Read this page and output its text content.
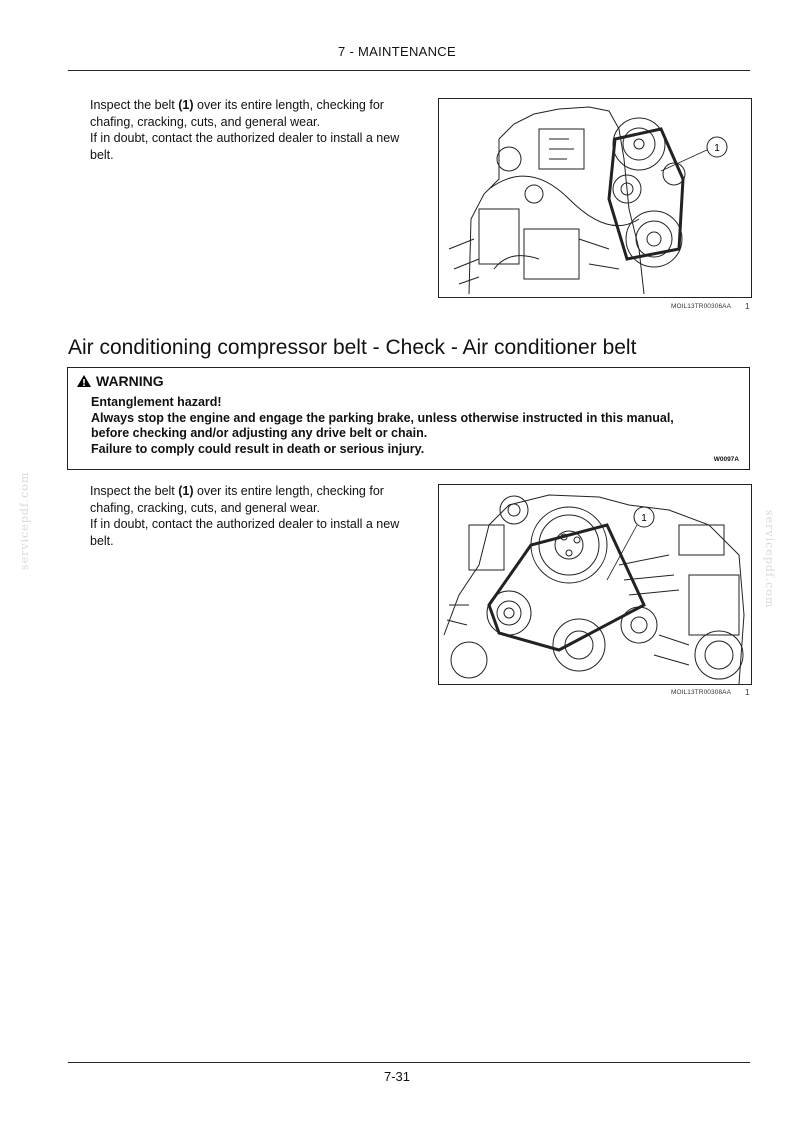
7 - MAINTENANCE

Inspect the belt (1) over its entire length, checking for

chafing, cracking, cuts, and general wear.

If in doubt, contact the authorized dealer to install a new

belt.	1
MOIL13TR00306AA 1
Air conditioning compressor belt - Check - Air conditioner belt
WARNING
Entanglement hazard!
Always stop the engine and engage the parking brake, unless otherwise instructed in this manual,
before checking and/or adjusting any drive belt or chain.
Failure to comply could result in death or serious injury.
W0097A

Inspect the belt (1) over its entire length, checking for

chafing, cracking, cuts, and general wear.

If in doubt, contact the authorized dealer to install a new

belt.

1
MOIL13TR00308AA 1
servicepdf.com	servicepdf.com
7-31
